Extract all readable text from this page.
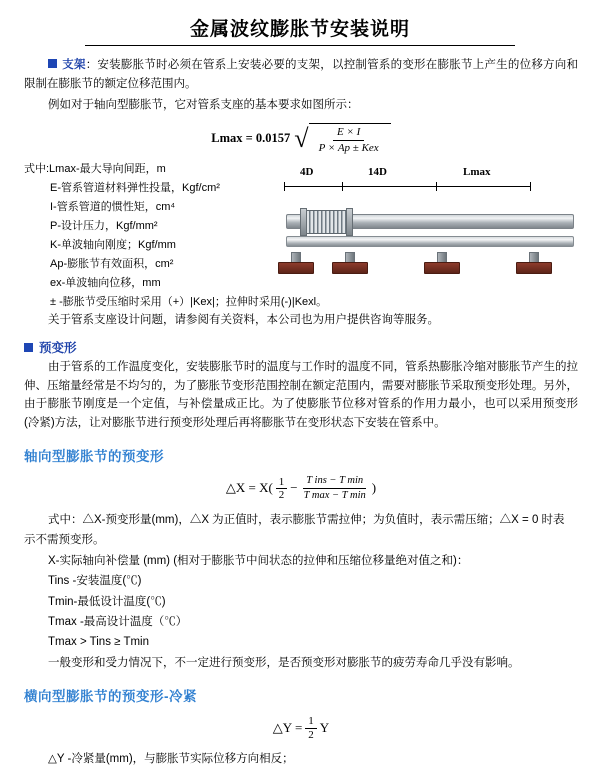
金属波纹膨胀节安装说明
支架：安装膨胀节时必须在管系上安装必要的支架，以控制管系的变形在膨胀节上产生的位移方向和限制在膨胀节的额定位移范围内。
例如对于轴向型膨胀节，它对管系支座的基本要求如图所示：
Lmax = 0.0157 √ $\frac{E \times I}{\text{P × Ap ± Kex}}$
式中:Lmax-最大导向间距，m
E-管系管道材料弹性投量，Kgf/cm²
I-管系管道的惯性矩，cm⁴
P-设计压力，Kgf/mm²
K-单波轴向刚度；Kgf/mm
Ap-膨胀节有效面积，cm²
ex-单波轴向位移，mm
± -膨胀节受压缩时采用（+）|Kex|；拉伸时采用(-)|Kexl。
4D	14D	Lmax
关于管系支座设计问题，请参阅有关资料，本公司也为用户提供咨询等服务。
预变形
由于管系的工作温度变化，安装膨胀节时的温度与工作时的温度不同，管系热膨胀冷缩对膨胀节产生的拉伸、压缩量经常是不均匀的，为了膨胀节变形范围控制在额定范围内，需要对膨胀节采取预变形处理。另外，由于膨胀节刚度是一个定值，与补偿量成正比。为了使膨胀节位移对管系的作用力最小，也可以采用预变形(冷紧)方法，让对膨胀节进行预变形处理后再将膨胀节在变形状态下安装在管系中。
轴向型膨胀节的预变形
△X = $X( \frac{1}{2}$ −
T ins − T min
T max − T min )
式中：△X-预变形量(mm)，△X 为正值时，表示膨胀节需拉伸；为负值时，表示需压缩；△X = 0 时表
示不需预变形。
X-实际轴向补偿量 (mm) (相对于膨胀节中间状态的拉伸和压缩位移量绝对值之和)：
Tins -安装温度(℃)
Tmin-最低设计温度(℃)
Tmax -最高设计温度（℃）
Tmax > Tins ≥ Tmin
一般变形和受力情况下，不一定进行预变形，是否预变形对膨胀节的疲劳寿命几乎没有影响。
横向型膨胀节的预变形-冷紧
△Y = $\frac{1}{2}$ Y
△Y -冷紧量(mm)，与膨胀节实际位移方向相反；
